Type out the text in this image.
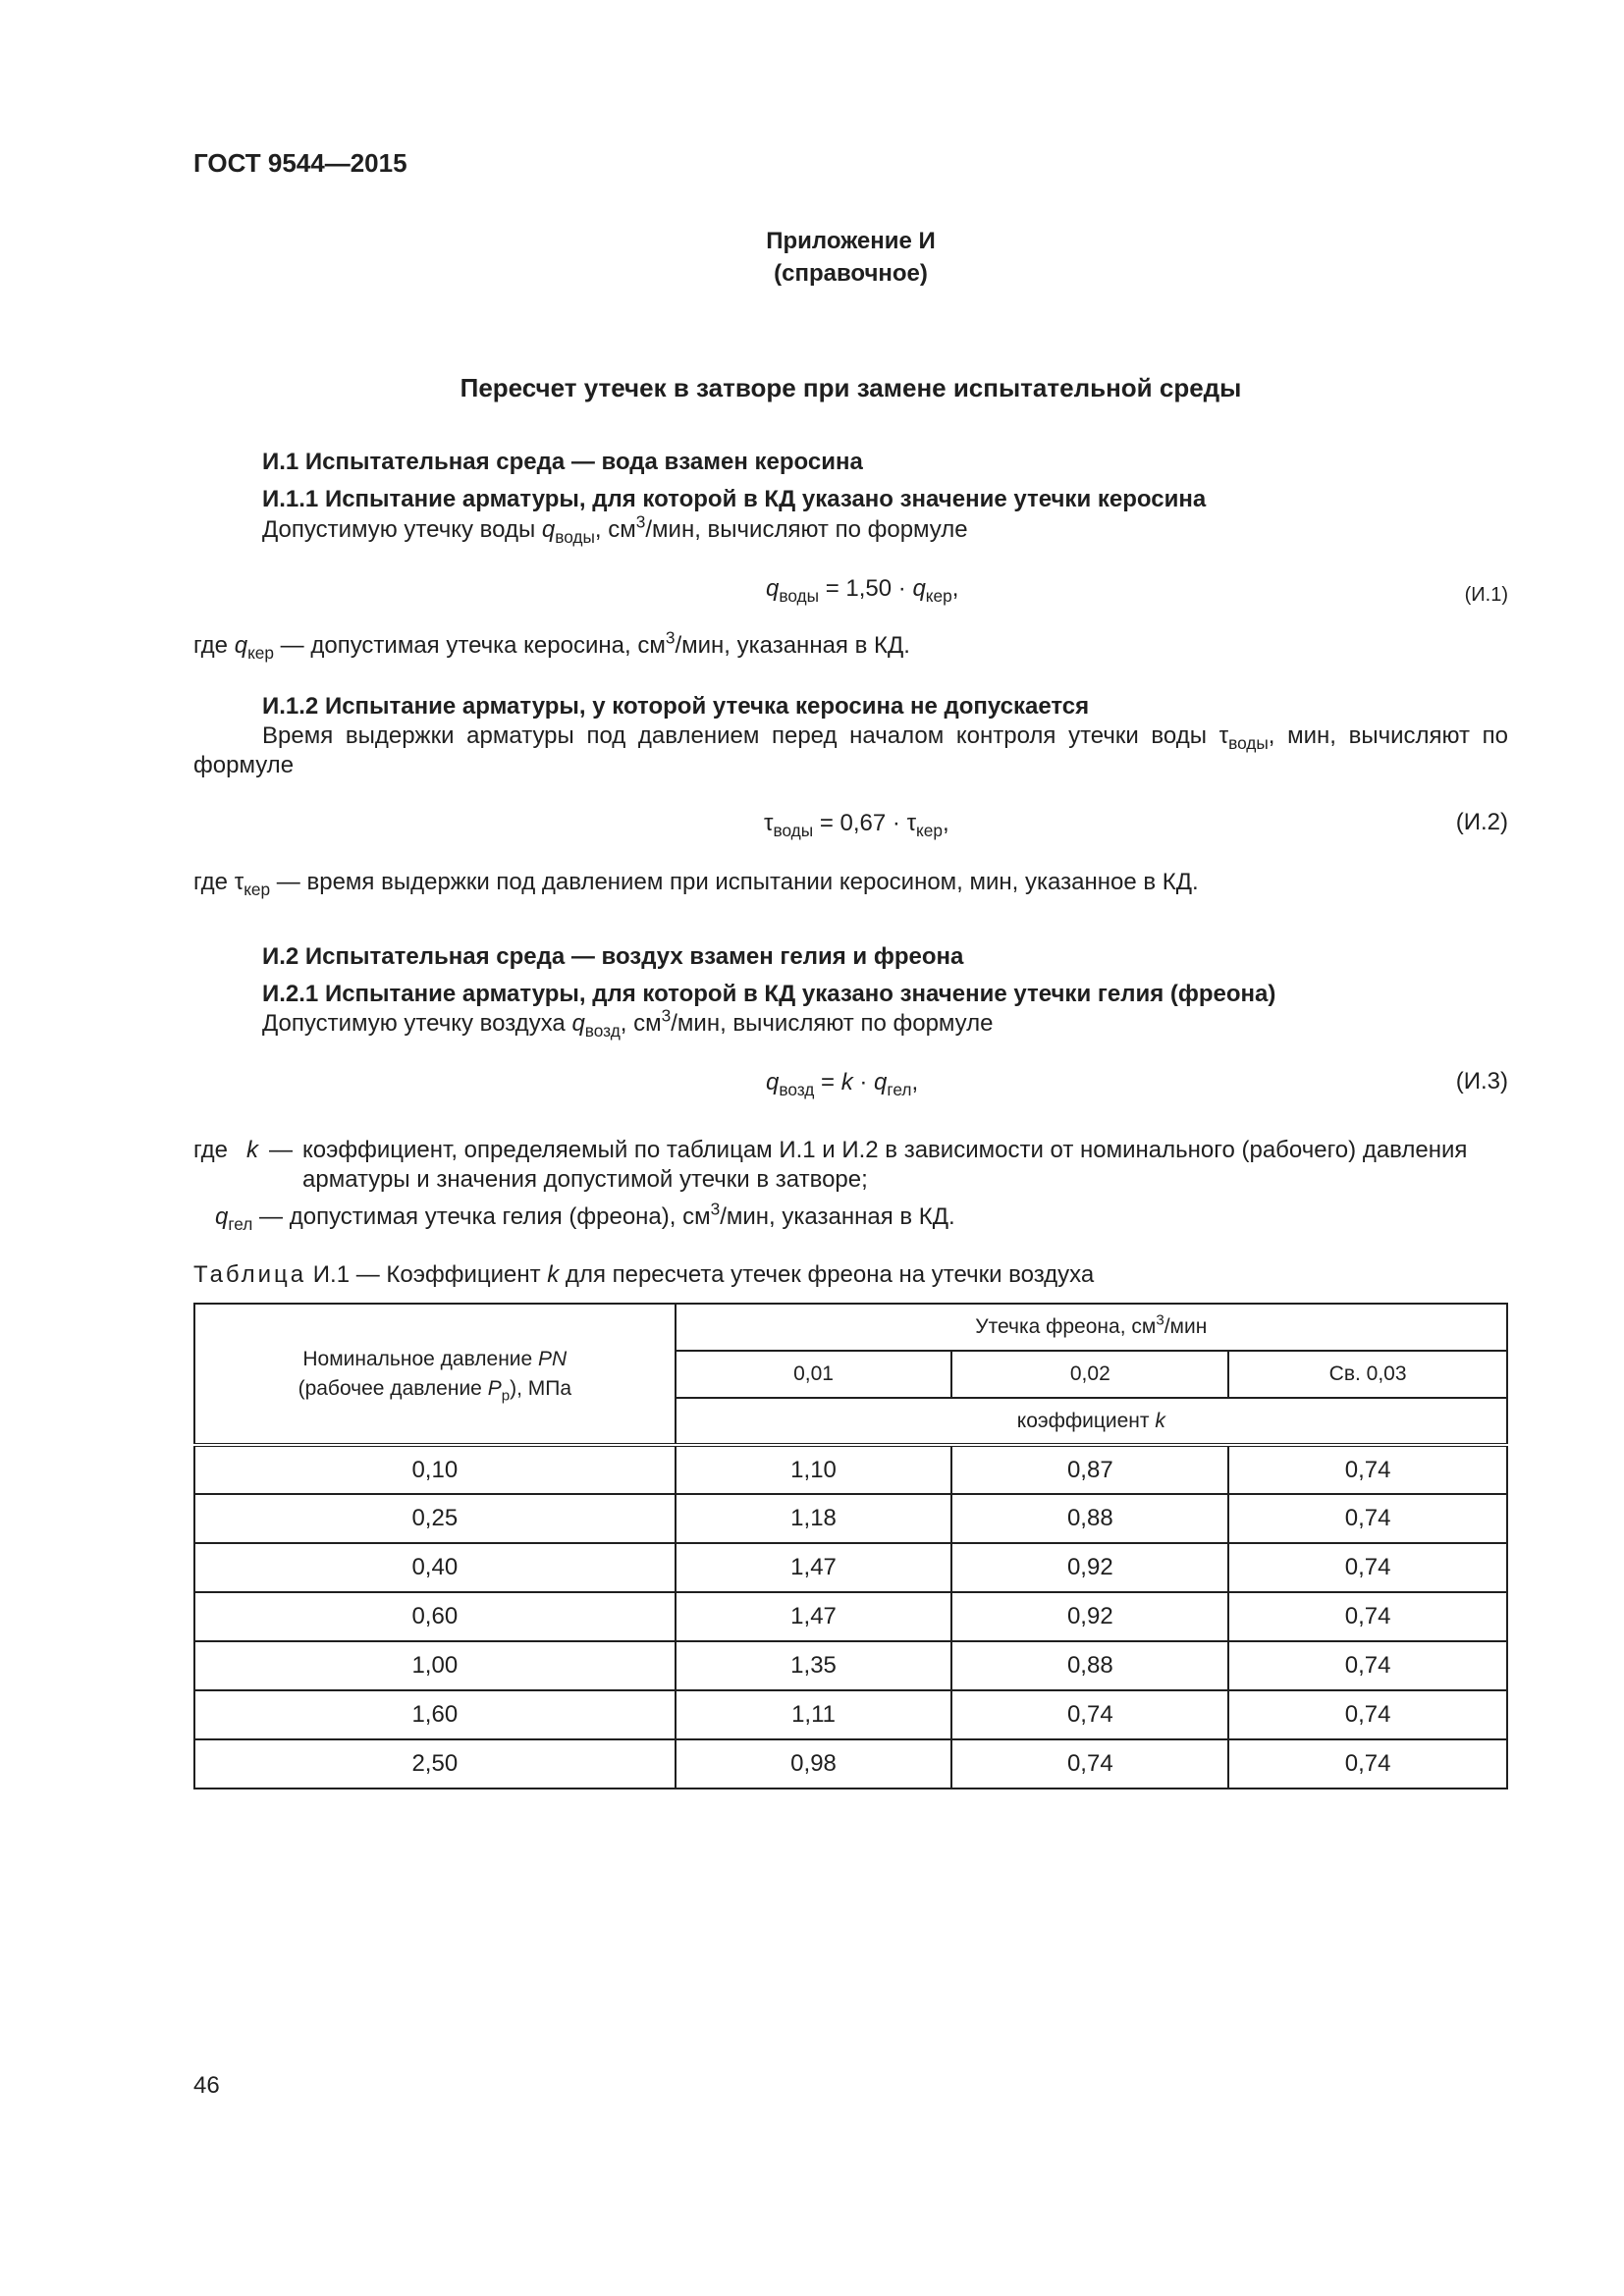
ГОСТ 9544—2015
Приложение И
(справочное)
Пересчет утечек в затворе при замене испытательной среды
И.1 Испытательная среда — вода взамен керосина
И.1.1 Испытание арматуры, для которой в КД указано значение утечки керосина
Допустимую утечку воды $q_{воды}$, $см^3$/мин, вычисляют по формуле
$q_{воды} = 1,50 \cdot q_{кер}$,	(И.1)
где $q_{кер}$ — допустимая утечка керосина, $см^3$/мин, указанная в КД.
И.1.2 Испытание арматуры, у которой утечка керосина не допускается
Время выдержки арматуры под давлением перед началом контроля утечки воды $\tau_{воды}$, мин, вычисляют по
формуле
$\tau_{воды} = 0,67 \cdot \tau_{кер}$,	(И.2)
где $\tau_{кер}$ — время выдержки под давлением при испытании керосином, мин, указанное в КД.
И.2 Испытательная среда — воздух взамен гелия и фреона
И.2.1 Испытание арматуры, для которой в КД указано значение утечки гелия (фреона)
Допустимую утечку воздуха $q_{возд}$, $см^3$/мин, вычисляют по формуле
$q_{возд} = k \cdot q_{гел}$,	(И.3)
где k — коэффициент, определяемый по таблицам И.1 и И.2 в зависимости от номинального (рабочего) давления
арматуры и значения допустимой утечки в затворе;
$q_{гел}$ — допустимая утечка гелия (фреона), $см^3$/мин, указанная в КД.
Таблица И.1 — Коэффициент k для пересчета утечек фреона на утечки воздуха
Номинальное давление PN
(рабочее давление $P_р$), МПа	Утечка фреона, $см^3$/мин		
	0,01	0,02	Св. 0,03
	коэффициент k		
0,10	1,10	0,87	0,74
0,25	1,18	0,88	0,74
0,40	1,47	0,92	0,74
0,60	1,47	0,92	0,74
1,00	1,35	0,88	0,74
1,60	1,11	0,74	0,74
2,50	0,98	0,74	0,74
46
